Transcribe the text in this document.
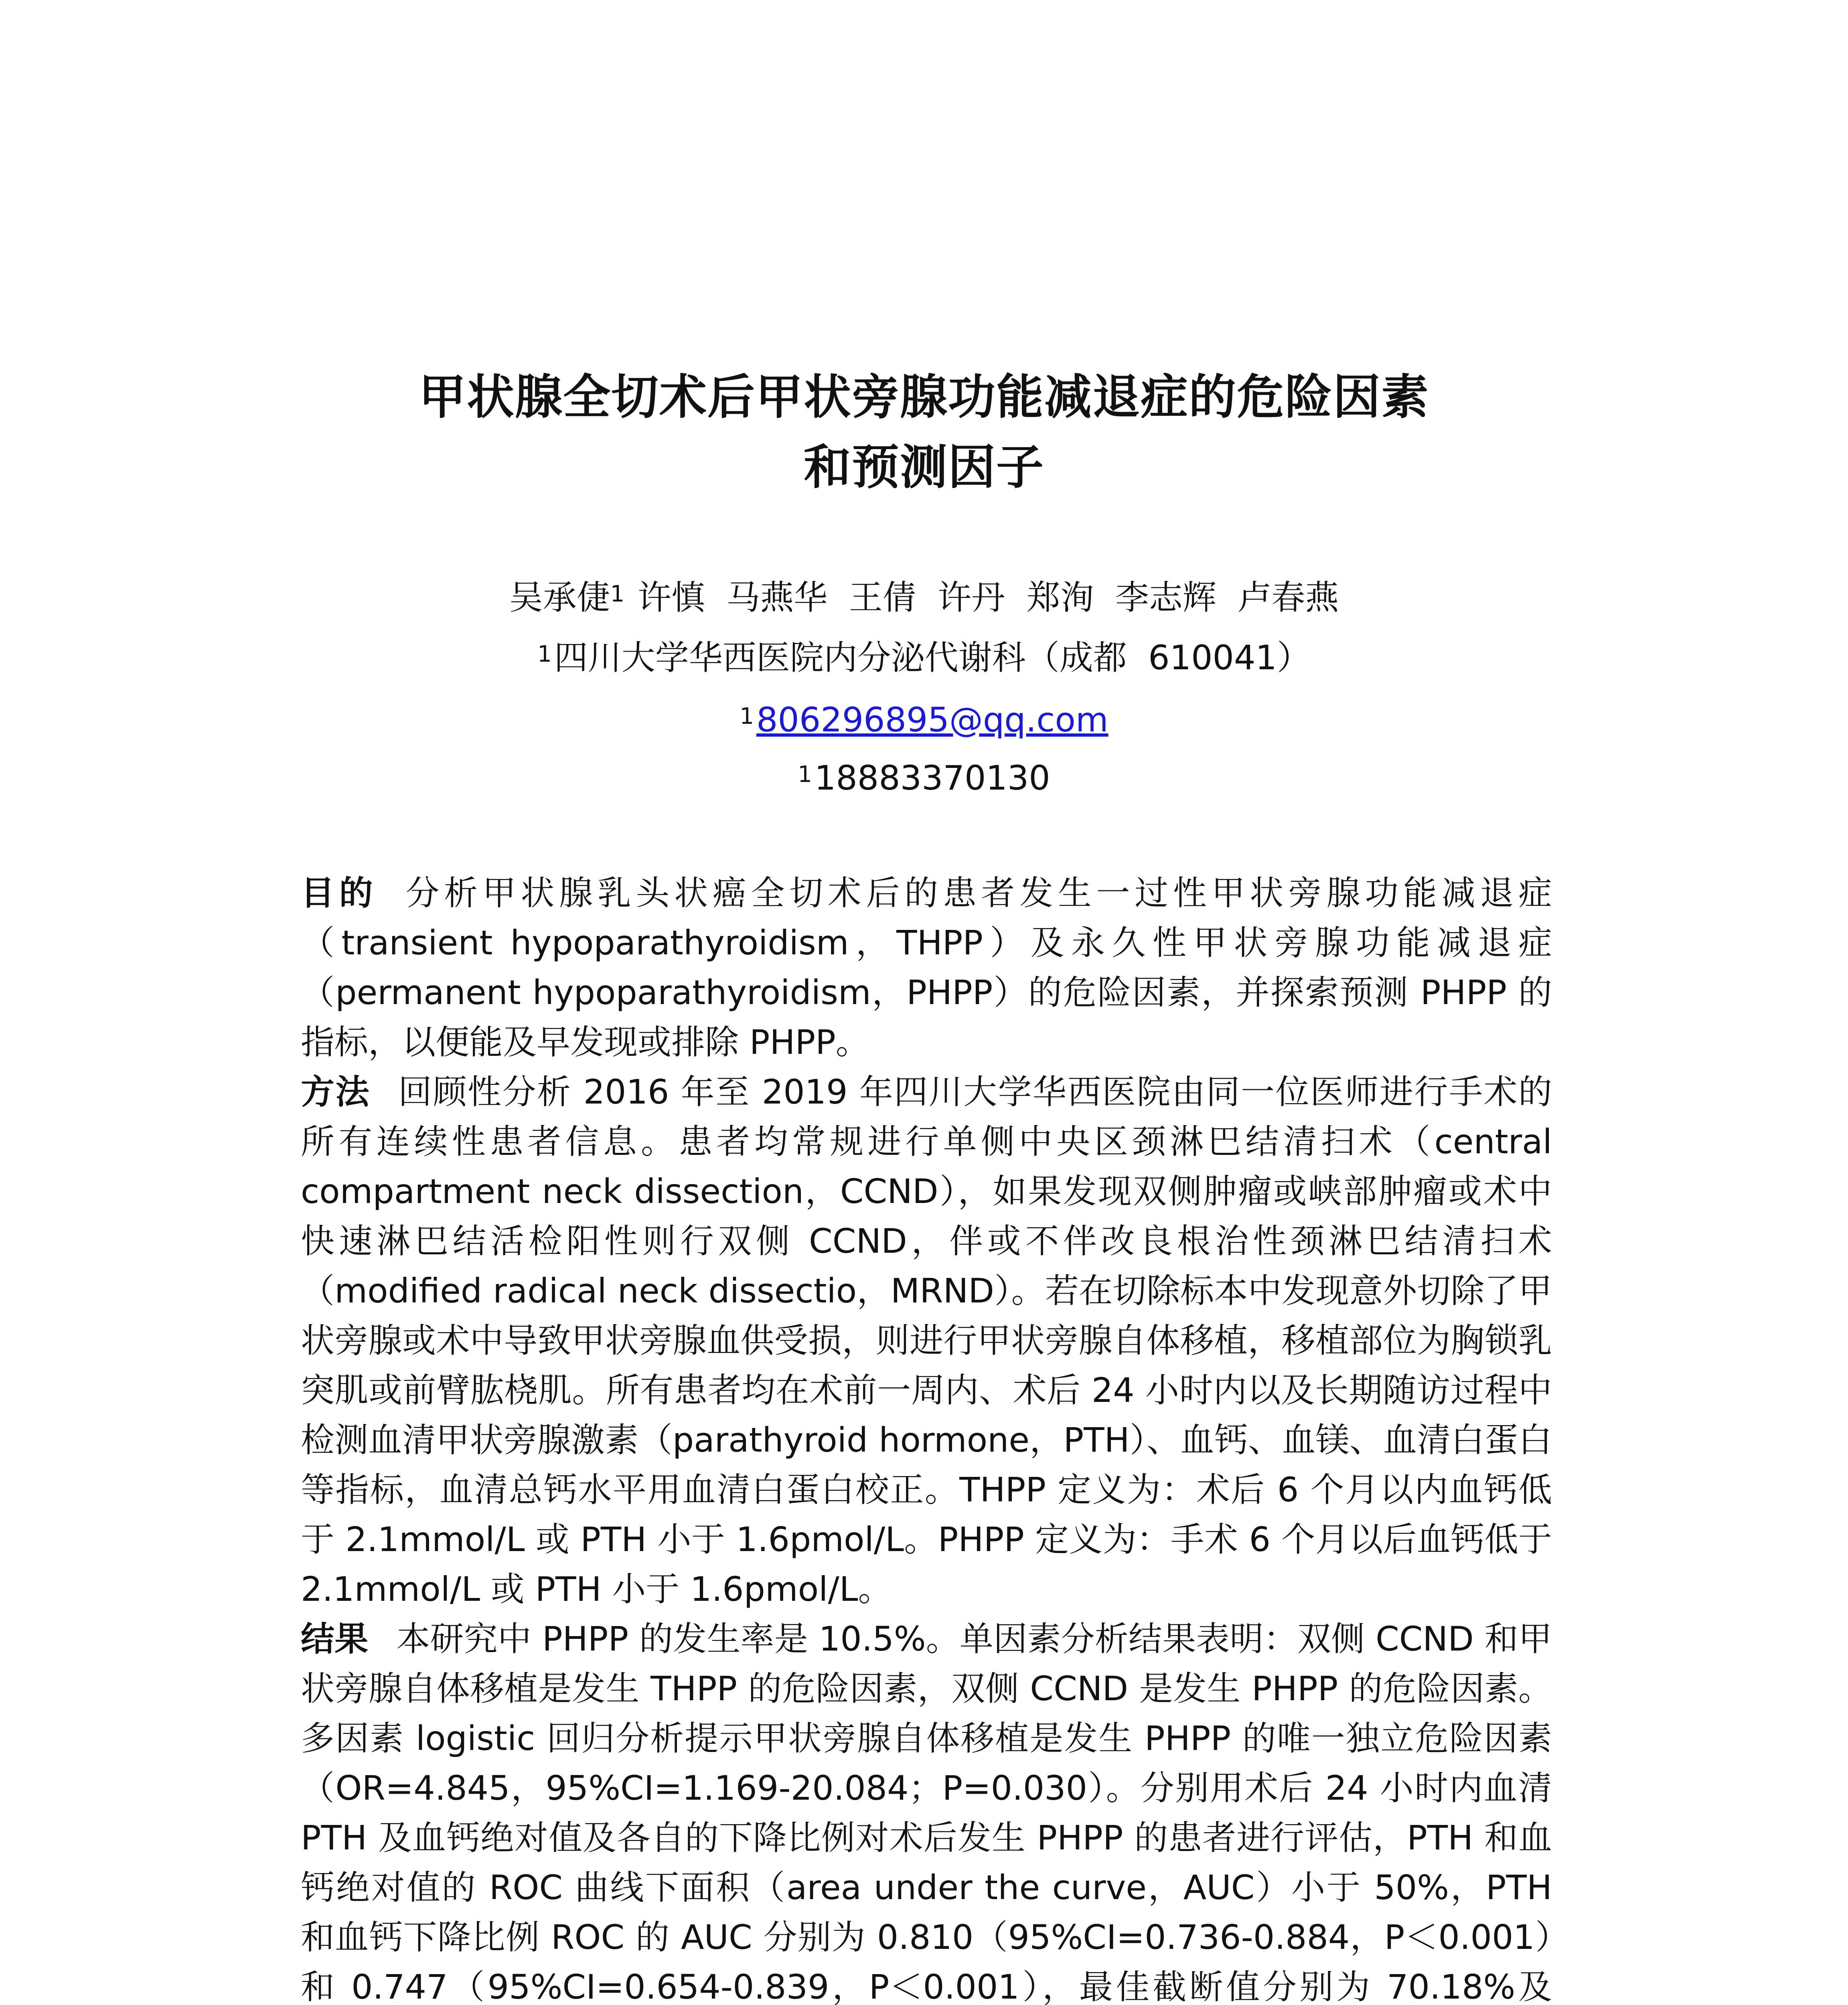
甲状腺全切术后甲状旁腺功能减退症的危险因素
和预测因子
吴承倢$^1$ 许慎  马燕华  王倩  许丹  郑洵  李志辉  卢春燕
$^1$四川大学华西医院内分泌代谢科（成都  610041）
$^1$806296895@qq.com
$^1$18883370130

目的 分析甲状腺乳头状癌全切术后的患者发生一过性甲状旁腺功能减退症（transient hypoparathyroidism，THPP）及永久性甲状旁腺功能减退症（permanent hypoparathyroidism，PHPP）的危险因素，并探索预测 PHPP 的指标，以便能及早发现或排除 PHPP。

方法 回顾性分析 2016 年至 2019 年四川大学华西医院由同一位医师进行手术的所有连续性患者信息。患者均常规进行单侧中央区颈淋巴结清扫术（central compartment neck dissection，CCND），如果发现双侧肿瘤或峡部肿瘤或术中快速淋巴结活检阳性则行双侧 CCND，伴或不伴改良根治性颈淋巴结清扫术（modified radical neck dissectio，MRND）。若在切除标本中发现意外切除了甲状旁腺或术中导致甲状旁腺血供受损，则进行甲状旁腺自体移植，移植部位为胸锁乳突肌或前臂肱桡肌。所有患者均在术前一周内、术后 24 小时内以及长期随访过程中检测血清甲状旁腺激素（parathyroid hormone，PTH）、血钙、血镁、血清白蛋白等指标，血清总钙水平用血清白蛋白校正。THPP 定义为：术后 6 个月以内血钙低于 2.1mmol/L 或 PTH 小于 1.6pmol/L。PHPP 定义为：手术 6 个月以后血钙低于 2.1mmol/L 或 PTH 小于 1.6pmol/L。

结果 本研究中 PHPP 的发生率是 10.5%。单因素分析结果表明：双侧 CCND 和甲状旁腺自体移植是发生 THPP 的危险因素，双侧 CCND 是发生 PHPP 的危险因素。多因素 logistic 回归分析提示甲状旁腺自体移植是发生 PHPP 的唯一独立危险因素（OR=4.845，95%CI=1.169-20.084；P=0.030）。分别用术后 24 小时内血清 PTH 及血钙绝对值及各自的下降比例对术后发生 PHPP 的患者进行评估，PTH 和血钙绝对值的 ROC 曲线下面积（area under the curve，AUC）小于 50%，PTH 和血钙下降比例 ROC 的 AUC 分别为 0.810（95%CI=0.736-0.884，P＜0.001）和 0.747（95%CI=0.654-0.839，P＜0.001），最佳截断值分别为 70.18%及
